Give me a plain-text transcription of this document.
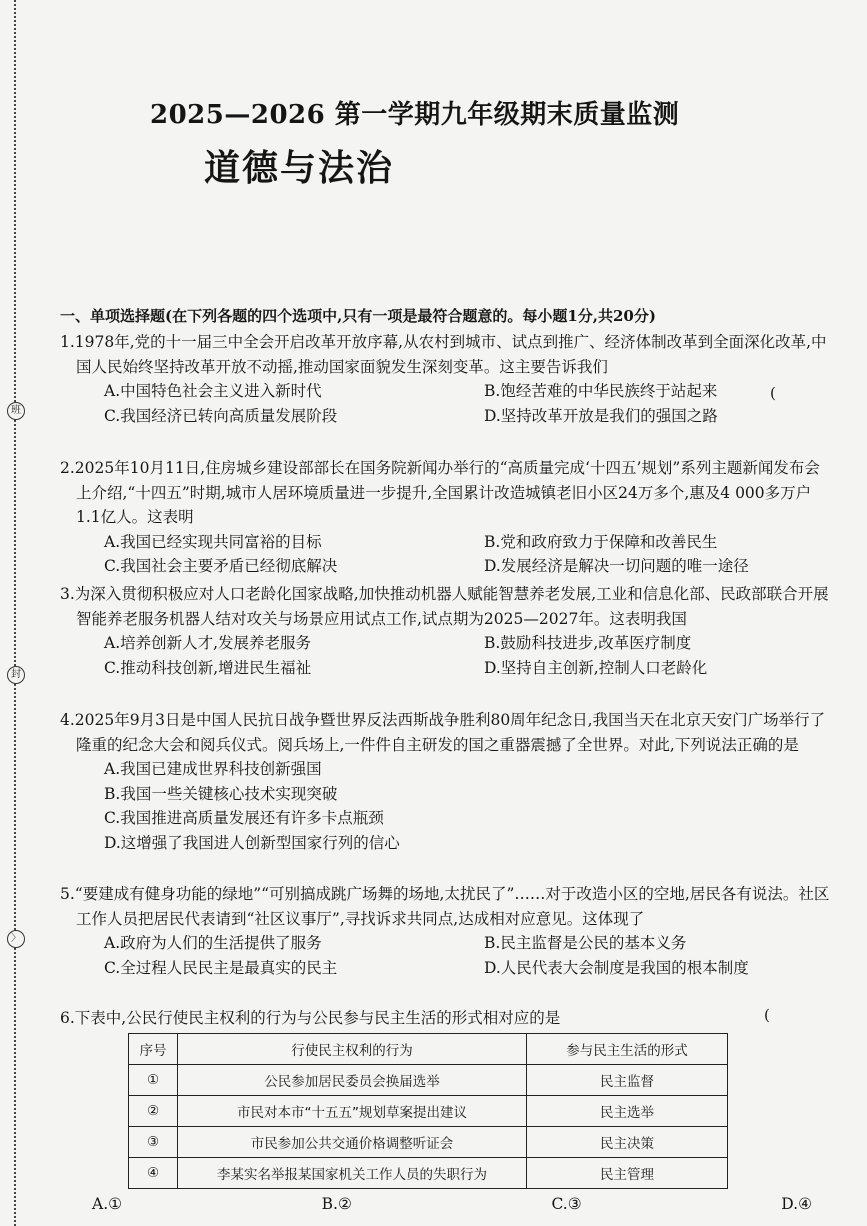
班
封
〉
2025—2026 第一学期九年级期末质量监测
道德与法治
一、单项选择题(在下列各题的四个选项中,只有一项是最符合题意的。每小题1分,共20分)
1.1978年,党的十一届三中全会开启改革开放序幕,从农村到城市、试点到推广、经济体制改革到全面深化改革,中国人民始终坚持改革开放不动摇,推动国家面貌发生深刻变革。这主要告诉我们
A.中国特色社会主义进入新时代	B.饱经苦难的中华民族终于站起来
C.我国经济已转向高质量发展阶段	D.坚持改革开放是我们的强国之路
(
2.2025年10月11日,住房城乡建设部部长在国务院新闻办举行的“高质量完成‘十四五’规划”系列主题新闻发布会上介绍,“十四五”时期,城市人居环境质量进一步提升,全国累计改造城镇老旧小区24万多个,惠及4 000多万户1.1亿人。这表明
A.我国已经实现共同富裕的目标	B.党和政府致力于保障和改善民生
C.我国社会主要矛盾已经彻底解决	D.发展经济是解决一切问题的唯一途径
3.为深入贯彻积极应对人口老龄化国家战略,加快推动机器人赋能智慧养老发展,工业和信息化部、民政部联合开展智能养老服务机器人结对攻关与场景应用试点工作,试点期为2025—2027年。这表明我国
A.培养创新人才,发展养老服务	B.鼓励科技进步,改革医疗制度
C.推动科技创新,增进民生福祉	D.坚持自主创新,控制人口老龄化
4.2025年9月3日是中国人民抗日战争暨世界反法西斯战争胜利80周年纪念日,我国当天在北京天安门广场举行了隆重的纪念大会和阅兵仪式。阅兵场上,一件件自主研发的国之重器震撼了全世界。对此,下列说法正确的是
A.我国已建成世界科技创新强国
B.我国一些关键核心技术实现突破
C.我国推进高质量发展还有许多卡点瓶颈
D.这增强了我国进人创新型国家行列的信心
5.“要建成有健身功能的绿地”“可别搞成跳广场舞的场地,太扰民了”……对于改造小区的空地,居民各有说法。社区工作人员把居民代表请到“社区议事厅”,寻找诉求共同点,达成相对应意见。这体现了
A.政府为人们的生活提供了服务	B.民主监督是公民的基本义务
C.全过程人民民主是最真实的民主	D.人民代表大会制度是我国的根本制度
6.下表中,公民行使民主权利的行为与公民参与民主生活的形式相对应的是	(
序号	行使民主权利的行为	参与民主生活的形式
①	公民参加居民委员会换届选举	民主监督
②	市民对本市“十五五”规划草案提出建议	民主选举
③	市民参加公共交通价格调整听证会	民主决策
④	李某实名举报某国家机关工作人员的失职行为	民主管理
A.①	B.②	C.③	D.④
